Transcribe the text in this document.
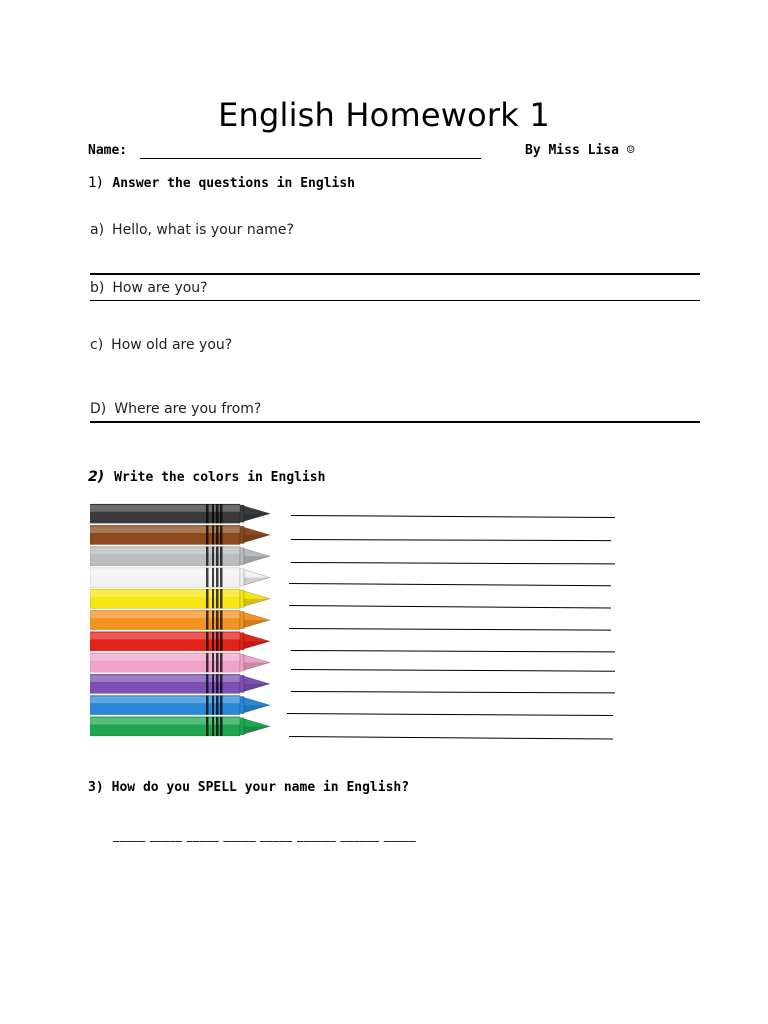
English Homework 1
Name:	By Miss Lisa ☺
1) Answer the questions in English
a) Hello, what is your name?
b) How are you?
c) How old are you?
D) Where are you from?
2) Write the colors in English
3) How do you SPELL your name in English?
_____ _____ _____ _____ _____ ______ ______ _____
